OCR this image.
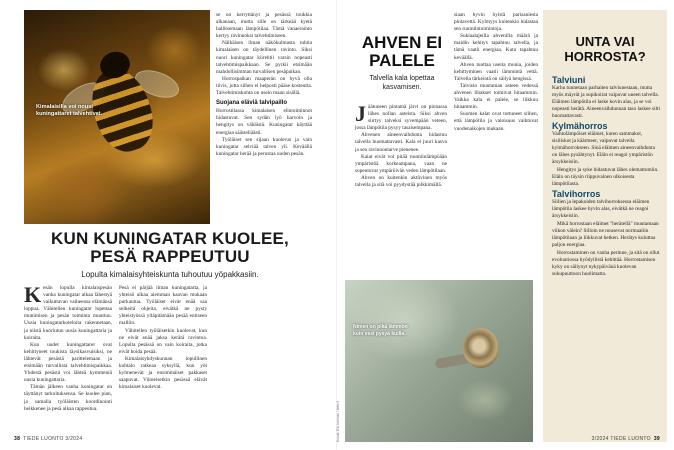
Kimalaisilla voi nousi kuningattaret talvehtivat.
KUN KUNINGATAR KUOLEE, PESÄ RAPPEUTUU
Lopulta kimalaisyhteiskunta tuhoutuu yöpakkasiin.

Kesän lopulla kimalaispesän vanha kuningatar alkaa lähestyä vaikuttavan vaiheensa elämänsä loppua. Vähitellen kuningatar lopettaa munimisen ja pesän toiminta muuttuu. Uusia kuningatarkoteloita rakennetaan, ja niistä kuoriutuu uusia kuningattaria ja koiraita.

Kun uudet kuningattaret ovat kehittyneet toukista täysikasvuisiksi, ne lähtevät pesästä parittelemaan ja etsimään turvallista talvehtimispaikkaa. Yhdestä pesästä voi lähteä kymmeniä uusia kuningattaria.

Tämän jälkeen vanha kuningatar on täyttänyt tarkoituksensa. Se kuolee pian, ja samalla työläisten koordinointi heikkenee ja pesä alkaa rappeutua.

Pesä ei pärjää ilman kuningatarta, ja yhteisö alkaa aiemman kaavan mukaan purkautua. Työläiset eivät enää saa selkeitä ohjeita, eivätkä ne pysty yhteistyössä ylläpitämään pesää entiseen malliin.

Vähitellen työläisetkin kuolevat, kun ne eivät enää jaksa kerätä ravintoa. Lopulta pesässä on vain koiraita, jotka eivät hoida pesää.

Kimalaisyhdyskunnan lopullinen kohtalo ratkeaa syksyllä, kun yöt kylmenevät ja ensimmäiset pakkaset saapuvat. Viimeisetkin pesässä elävät kimalaiset kuolevat.

se on kerryttänyt ja pesässä toukkia alkanaan, mutta sille on tärkeää kyetä hallitsemaan lämpötilaa. Tämä vanaerainto kertyy ravinnoksi talvehtimiseen.

Nälkäisen ilman näkökulmasta tuhtia kimalaisen on täydellinen ravinto. Siksi nuori kuningatar kiirehtii varsin nopeasti talvehtimispaikkaan. Se pyrkii etsimään mahdollisimman turvallisen pesäpaikan.

Horrospaikan maaperän on hyvä olla tiivis, jotta siihen ei helposti pääse kosteutta. Talvehtimiskohta on usein maan sisällä.

Suojana eläviä talvipaillo

Horrostilassa kimalaisen elintoiminnot hidastuvat. Sen sydän lyö harvoin ja hengitys on vähäistä. Kuningatar käyttää energiaa säästeliäästi.

Työläiset sen sijaan kuolevat ja vain kuningatar selviää talven yli. Keväällä kuningatar herää ja perustaa uuden pesän.

38 TIEDE LUONTO 3/2024
AHVEN EI PALELE
Talvella kala lopettaa kasvamisen.

Jäätuneen pintamä järvi on pinnassa lähes nollan asteista. Siksi ahven siirtyy talveksi syvempään veteen, jossa lämpötila pysyy tasaisempana.

Ahvenen aineenvaihdunta hidastuu talvella huomattavasti. Kala ei juuri kasva ja sen ravinnontarve pienenee.

Kalat eivät voi pitää ruumiinlämpöään ympäristöä korkeampana, vaan ne sopeutuvat ympäröivän veden lämpötilaan.

Ahven on kuitenkin aktiivinen myös talvella ja sitä voi pyydystää pilkkimällä.

siaan hyvin hyistä parisaniesta pintavettä. Kylmyys kuitenkin hidastaa sen ruumiintoimintoja.

Suklaalajeilla ahvenilla määrä ja maidin kehitys tapahtuu talvella, ja tämä vaatii energiaa. Kutu tapahtuu keväällä.

Ahven tuottaa useita munia, joiden kehittyminen vaatii lämmintä vettä. Talvella tärkeintä on säilyä hengissä.

Talvisin muutaman asteen vedessä ahvenen lihakset toimivat hitaammin. Vaikka kala ei palele, se liikkuu hitaammin.

Suomen kalat ovat tottuneet siihen, että lämpötila ja valoisuus vaihtuvat vuodenaikojen mukaan.

Kuvat: Eki kunnas / tieto.fi
Nimen on pikä lämmön kuin vesi pysyä kuilla.
UNTA VAI HORROSTA?
Talviuni

Karhu tunnetaan parhaiten talviunestaan, mutta myös mäyrät ja supikoirat vaipuvat uneen talvella. Eläimen lämpötila ei laske kovin alas, ja se voi nopeasti herätä. Aineenvaihdunnan taso laskee silti huomattavasti.

Kylmähorros

Vaihtolämpöiset eläimet, kuten sammakot, sisiliskot ja käärmeet, vaipuvat talvella kylmähorrokseen. Sinä eläimen aineenvaihdunta on lähes pysähtynyt. Eläin ei reagoi ympäristön ärsykkeisiin.

Hengitys ja syke hidastuvat lähes olemattomiin. Eläin on täysin riippuvainen ulkoisesta lämpötilasta.

Talvihorros

Siilien ja lepakoiden talvihorroksessa eläimen lämpötila laskee hyvin alas, eivätkä ne reagoi ärsykkeisiin.

Mikä horrostaan eläimet "herätellä" muutamaan viikon välein? Silloin ne nousevat normaaliin lämpötilaan ja liikkuvat hetken. Herätys kuluttaa paljon energiaa.

Horrostaminen on vanha perinne, ja sitä on ollut evoluutiossa hyödyllistä kehittää. Horrostamisen kyky on säilynyt nykypäivänä kuolevan sukupuuttoon huolimatta.

3/2024 TIEDE LUONTO 39
